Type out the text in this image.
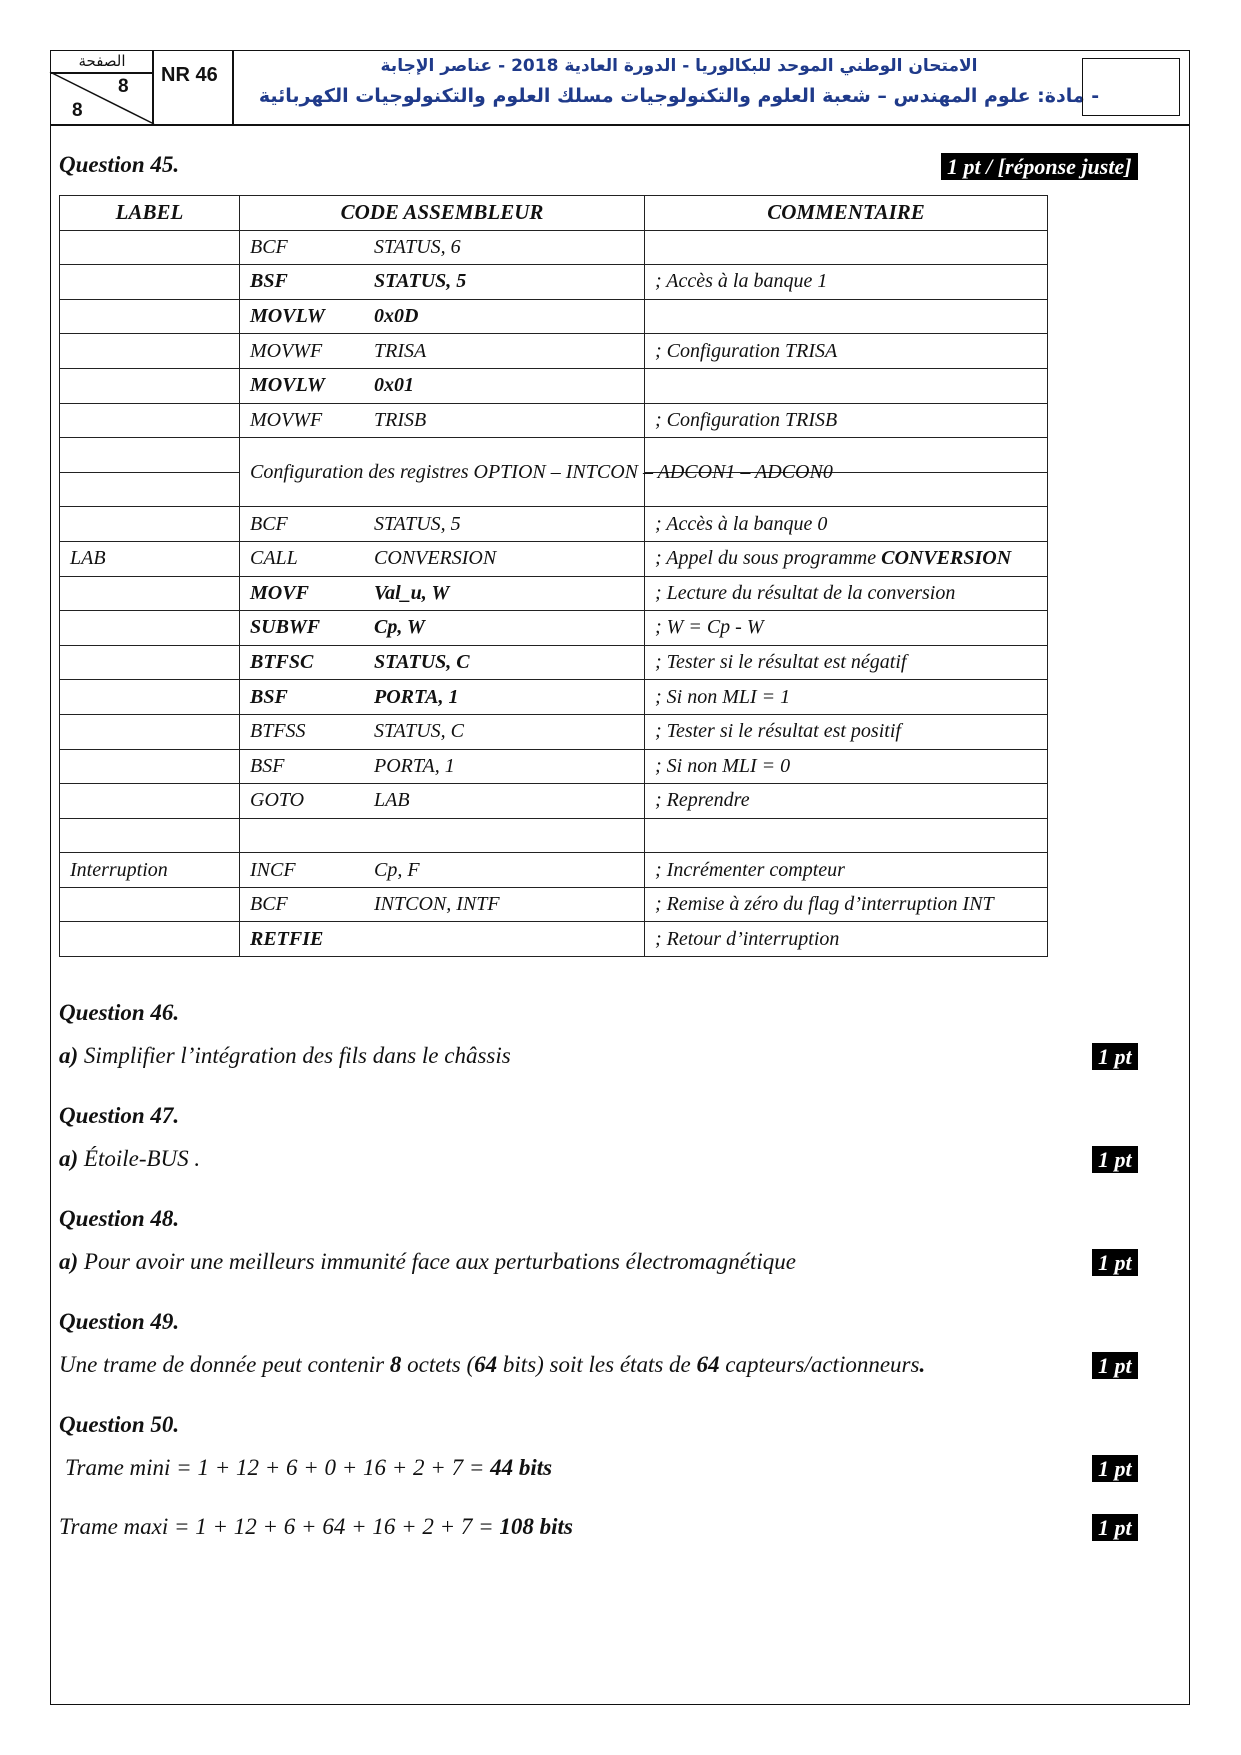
الصفحة
8
8
NR 46	الامتحان الوطني الموحد للبكالوريا - الدورة العادية 2018 - عناصر الإجابة
- مادة: علوم المهندس – شعبة العلوم والتكنولوجيات مسلك العلوم والتكنولوجيات الكهربائية
Question 45.	1 pt / [réponse juste]
LABEL	CODE ASSEMBLEUR	COMMENTAIRE
	BCF STATUS, 6	
	BSF STATUS, 5	; Accès à la banque 1
	MOVLW 0x0D	
	MOVWF TRISA	; Configuration TRISA
	MOVLW 0x01	
	MOVWF TRISB	; Configuration TRISB
	Configuration des registres OPTION – INTCON – ADCON1 – ADCON0	

	BCF STATUS, 5	; Accès à la banque 0
LAB	CALL CONVERSION	; Appel du sous programme CONVERSION
	MOVF Val_u, W	; Lecture du résultat de la conversion
	SUBWF Cp, W	; W = Cp - W
	BTFSC STATUS, C	; Tester si le résultat est négatif
	BSF PORTA, 1	; Si non MLI = 1
	BTFSS STATUS, C	; Tester si le résultat est positif
	BSF PORTA, 1	; Si non MLI = 0
	GOTO LAB	; Reprendre

Interruption	INCF Cp, F	; Incrémenter compteur
	BCF INTCON, INTF	; Remise à zéro du flag d’interruption INT
	RETFIE	; Retour d’interruption
Question 46.
a) Simplifier l’intégration des fils dans le châssis	1 pt
Question 47.
a) Étoile-BUS .	1 pt
Question 48.
a) Pour avoir une meilleurs immunité face aux perturbations électromagnétique	1 pt
Question 49.
Une trame de donnée peut contenir 8 octets (64 bits) soit les états de 64 capteurs/actionneurs.	1 pt
Question 50.
Trame mini = 1 + 12 + 6 + 0 + 16 + 2 + 7 = 44 bits	1 pt
Trame maxi = 1 + 12 + 6 + 64 + 16 + 2 + 7 = 108 bits	1 pt
